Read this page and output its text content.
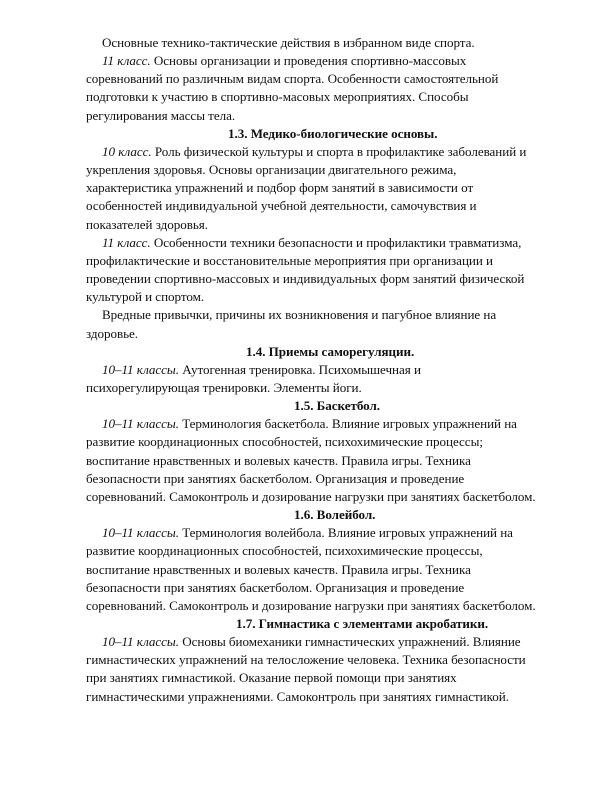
Основные технико-тактические действия в избранном виде спорта.
11 класс. Основы организации и проведения спортивно-массовых
соревнований по различным видам спорта. Особенности самостоятельной
подготовки к участию в спортивно-масовых мероприятиях. Способы
регулирования массы тела.
1.3. Медико-биологические основы.
10 класс. Роль физической культуры и спорта в профилактике заболеваний и
укрепления здоровья. Основы организации двигательного режима,
характеристика упражнений и подбор форм занятий в зависимости от
особенностей индивидуальной учебной деятельности, самочувствия и
показателей здоровья.
11 класс. Особенности техники безопасности и профилактики травматизма,
профилактические и восстановительные мероприятия при организации и
проведении спортивно-массовых и индивидуальных форм занятий физической
культурой и спортом.
Вредные привычки, причины их возникновения и пагубное влияние на
здоровье.
1.4. Приемы саморегуляции.
10–11 классы. Аутогенная тренировка. Психомышечная и
психорегулирующая тренировки. Элементы йоги.
1.5. Баскетбол.
10–11 классы. Терминология баскетбола. Влияние игровых упражнений на
развитие координационных способностей, психохимические процессы;
воспитание нравственных и волевых качеств. Правила игры. Техника
безопасности при занятиях баскетболом. Организация и проведение
соревнований. Самоконтроль и дозирование нагрузки при занятиях баскетболом.
1.6. Волейбол.
10–11 классы. Терминология волейбола. Влияние игровых упражнений на
развитие координационных способностей, психохимические процессы,
воспитание нравственных и волевых качеств. Правила игры. Техника
безопасности при занятиях баскетболом. Организация и проведение
соревнований. Самоконтроль и дозирование нагрузки при занятиях баскетболом.
1.7. Гимнастика с элементами акробатики.
10–11 классы. Основы биомеханики гимнастических упражнений. Влияние
гимнастических упражнений на телосложение человека. Техника безопасности
при занятиях гимнастикой. Оказание первой помощи при занятиях
гимнастическими упражнениями. Самоконтроль при занятиях гимнастикой.
